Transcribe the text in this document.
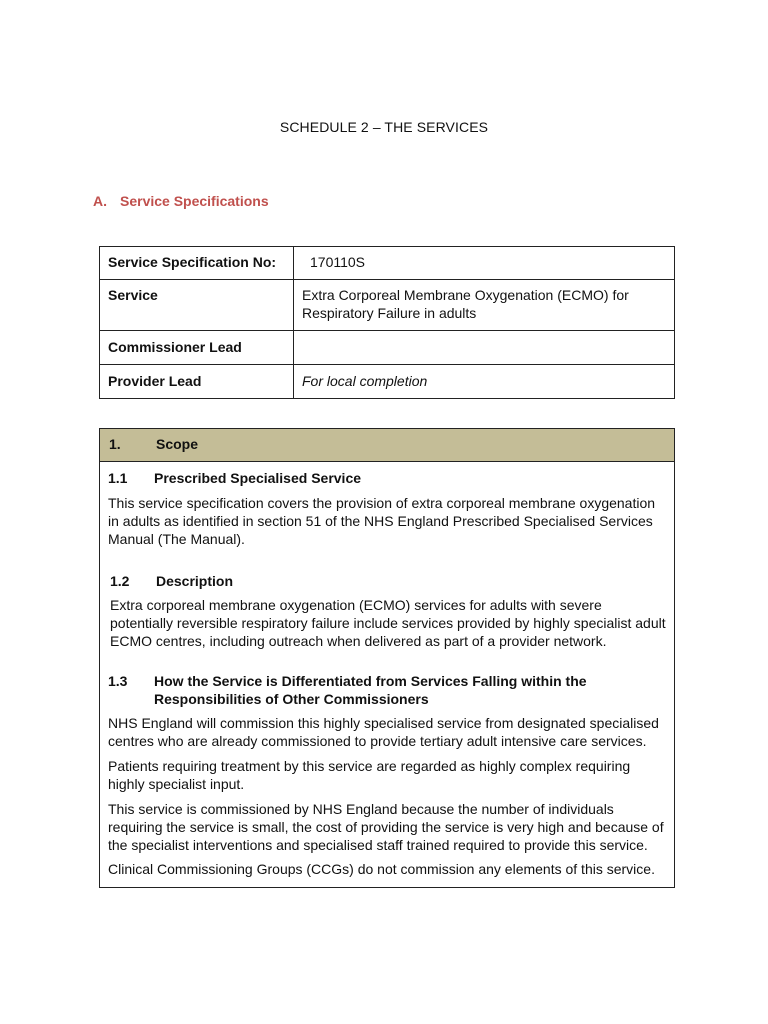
SCHEDULE 2 – THE SERVICES
A. Service Specifications
Service Specification No:	170110S
Service	Extra Corporeal Membrane Oxygenation (ECMO) for Respiratory Failure in adults
Commissioner Lead	
Provider Lead	For local completion
1.	Scope
1.1	Prescribed Specialised Service

This service specification covers the provision of extra corporeal membrane oxygenation in adults as identified in section 51 of the NHS England Prescribed Specialised Services Manual (The Manual).

1.2	Description

Extra corporeal membrane oxygenation (ECMO) services for adults with severe potentially reversible respiratory failure include services provided by highly specialist adult ECMO centres, including outreach when delivered as part of a provider network.

1.3	How the Service is Differentiated from Services Falling within the Responsibilities of Other Commissioners

NHS England will commission this highly specialised service from designated specialised centres who are already commissioned to provide tertiary adult intensive care services.

Patients requiring treatment by this service are regarded as highly complex requiring highly specialist input.

This service is commissioned by NHS England because the number of individuals requiring the service is small, the cost of providing the service is very high and because of the specialist interventions and specialised staff trained required to provide this service.

Clinical Commissioning Groups (CCGs) do not commission any elements of this service.
